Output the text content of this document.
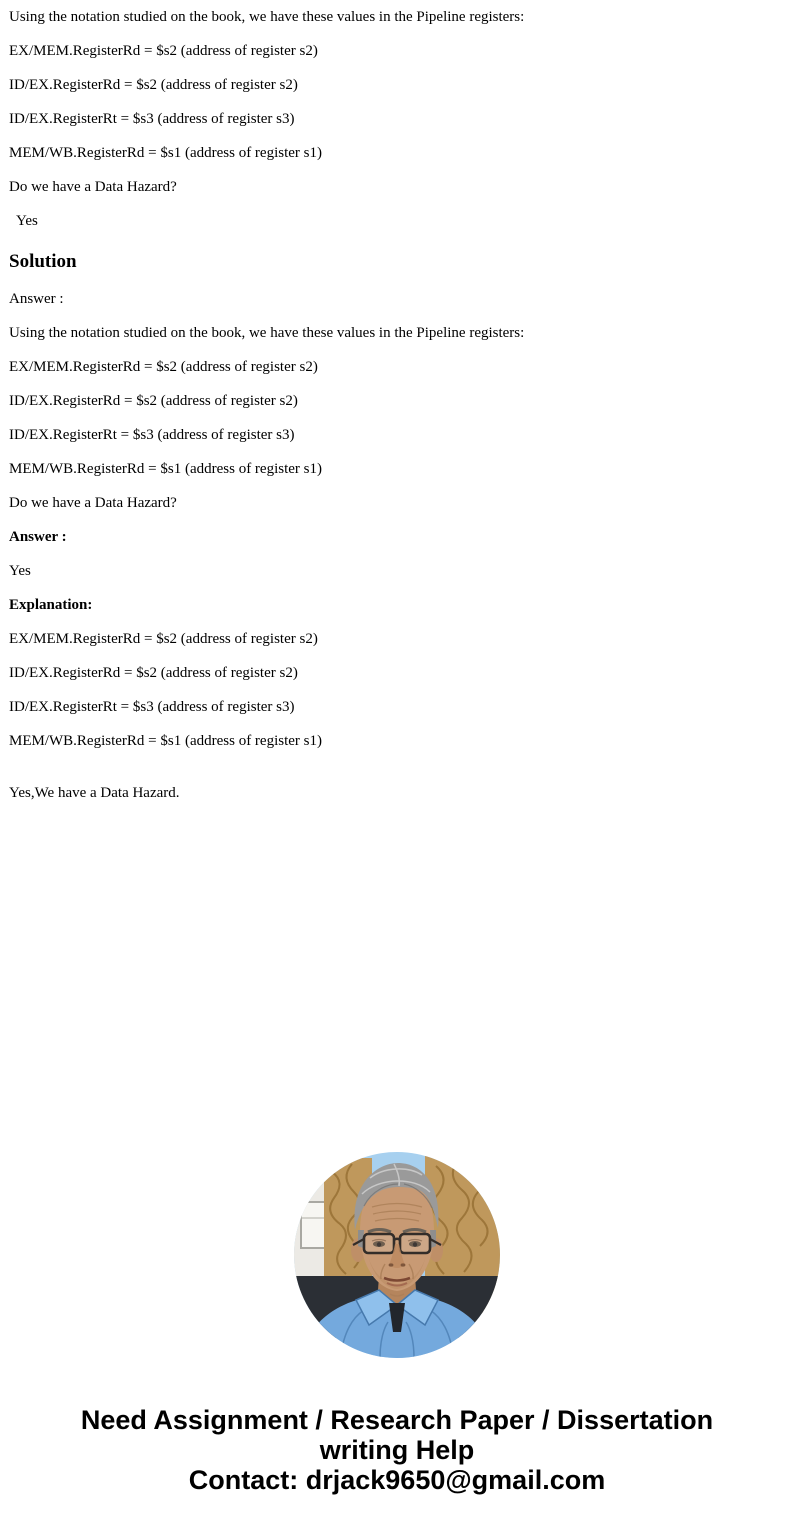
Using the notation studied on the book, we have these values in the Pipeline registers:

EX/MEM.RegisterRd = $s2 (address of register s2)

ID/EX.RegisterRd = $s2 (address of register s2)

ID/EX.RegisterRt = $s3 (address of register s3)

MEM/WB.RegisterRd = $s1 (address of register s1)

Do we have a Data Hazard?

Yes

Solution

Answer :

Using the notation studied on the book, we have these values in the Pipeline registers:

EX/MEM.RegisterRd = $s2 (address of register s2)

ID/EX.RegisterRd = $s2 (address of register s2)

ID/EX.RegisterRt = $s3 (address of register s3)

MEM/WB.RegisterRd = $s1 (address of register s1)

Do we have a Data Hazard?

Answer :

Yes

Explanation:

EX/MEM.RegisterRd = $s2 (address of register s2)

ID/EX.RegisterRd = $s2 (address of register s2)

ID/EX.RegisterRt = $s3 (address of register s3)

MEM/WB.RegisterRd = $s1 (address of register s1)

Yes,We have a Data Hazard.

Need Assignment / Research Paper / Dissertation
writing Help
Contact: drjack9650@gmail.com
